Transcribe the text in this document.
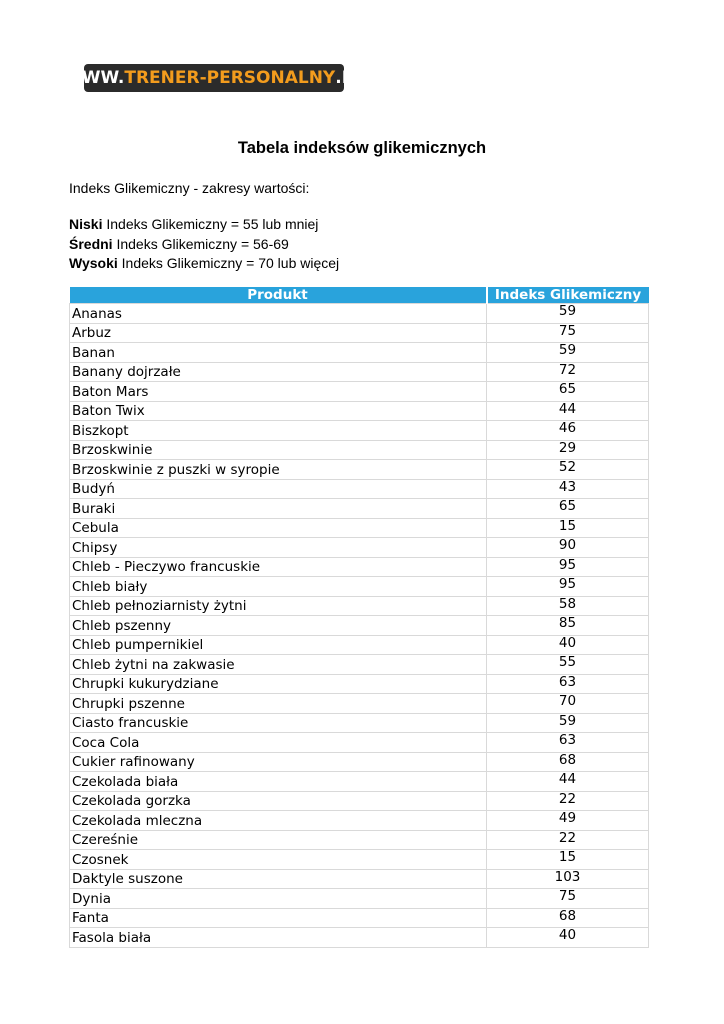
WWW. TRENER-PERSONALNY .PL
Tabela indeksów glikemicznych
Indeks Glikemiczny - zakresy wartości:
Niski Indeks Glikemiczny = 55 lub mniej
Średni Indeks Glikemiczny = 56-69
Wysoki Indeks Glikemiczny = 70 lub więcej
Produkt	Indeks Glikemiczny
Ananas	59
Arbuz	75
Banan	59
Banany dojrzałe	72
Baton Mars	65
Baton Twix	44
Biszkopt	46
Brzoskwinie	29
Brzoskwinie z puszki w syropie	52
Budyń	43
Buraki	65
Cebula	15
Chipsy	90
Chleb - Pieczywo francuskie	95
Chleb biały	95
Chleb pełnoziarnisty żytni	58
Chleb pszenny	85
Chleb pumpernikiel	40
Chleb żytni na zakwasie	55
Chrupki kukurydziane	63
Chrupki pszenne	70
Ciasto francuskie	59
Coca Cola	63
Cukier rafinowany	68
Czekolada biała	44
Czekolada gorzka	22
Czekolada mleczna	49
Czereśnie	22
Czosnek	15
Daktyle suszone	103
Dynia	75
Fanta	68
Fasola biała	40
